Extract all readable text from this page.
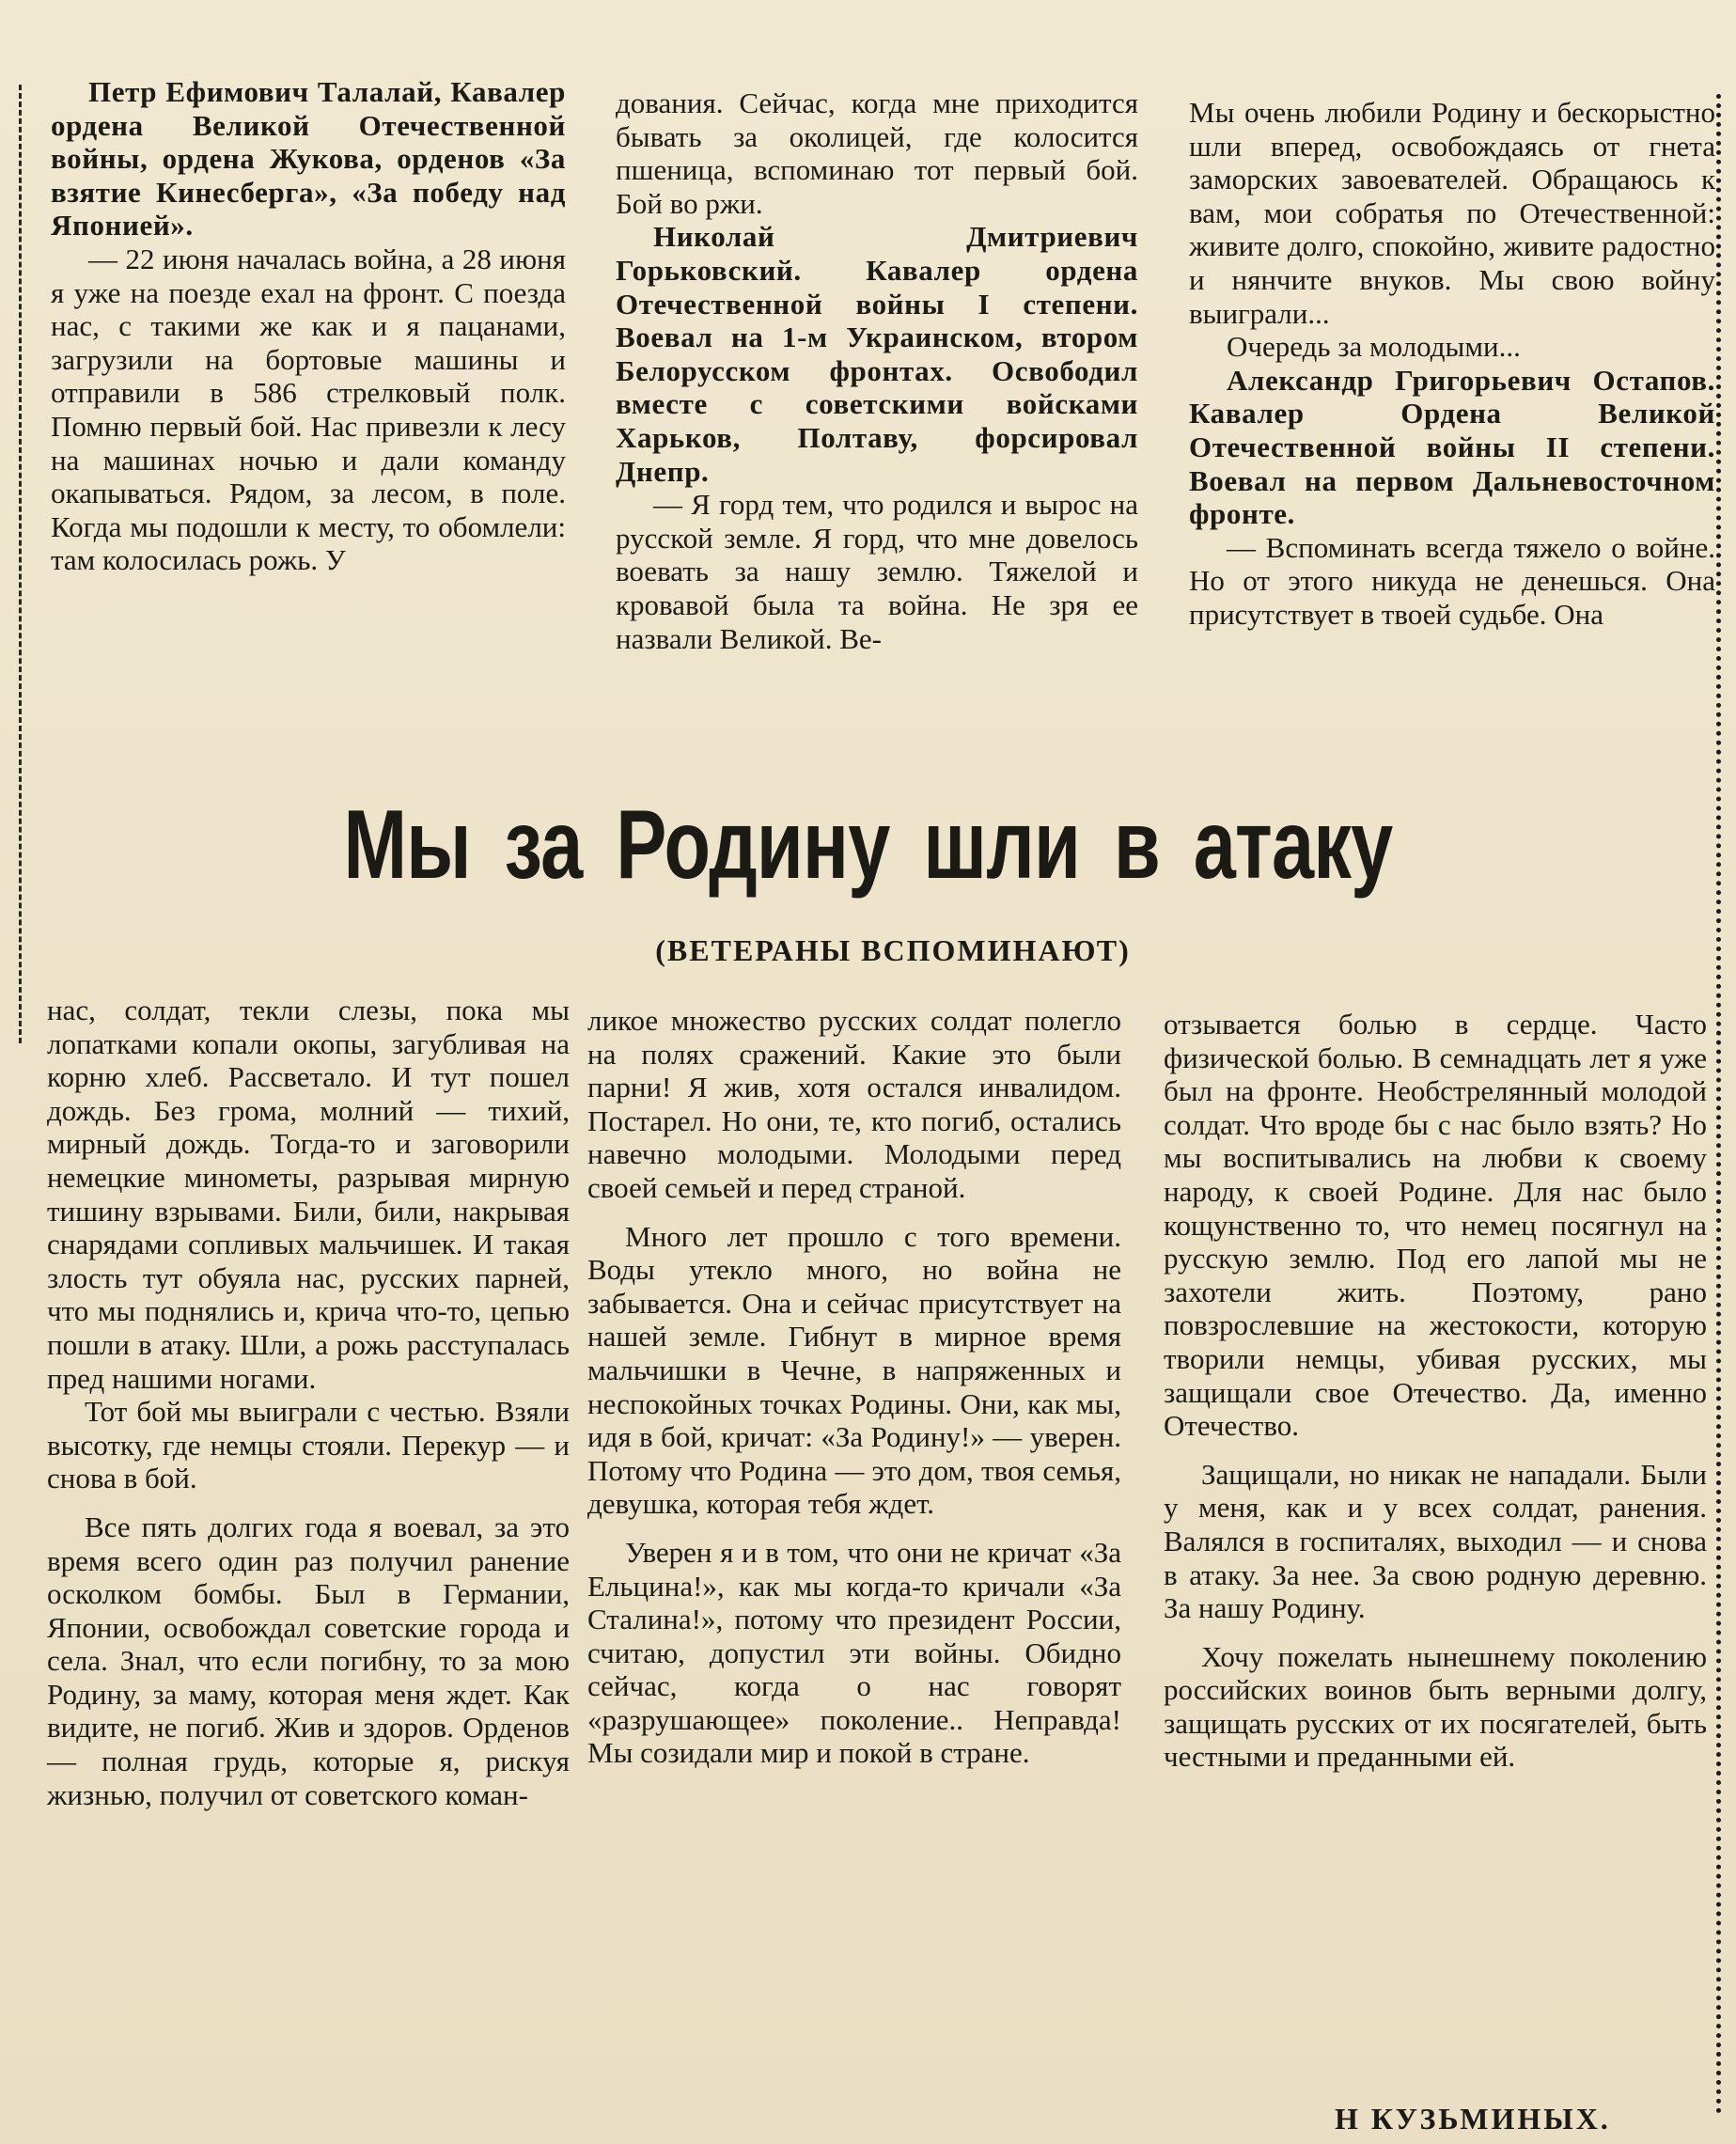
Петр Ефимович Талалай, Кавалер ордена Великой Отечественной войны, ордена Жукова, орденов «За взятие Кинесберга», «За победу над Японией».

— 22 июня началась война, а 28 июня я уже на поезде ехал на фронт. С поезда нас, с такими же как и я пацанами, загрузили на бортовые машины и отправили в 586 стрелковый полк. Помню первый бой. Нас привезли к лесу на машинах ночью и дали команду окапываться. Рядом, за лесом, в поле. Когда мы подошли к месту, то обомлели: там колосилась рожь. У

дования. Сейчас, когда мне приходится бывать за околицей, где колосится пшеница, вспоминаю тот первый бой. Бой во ржи.

Николай Дмитриевич Горьковский. Кавалер ордена Отечественной войны I степени. Воевал на 1-м Украинском, втором Белорусском фронтах. Освободил вместе с советскими войсками Харьков, Полтаву, форсировал Днепр.

— Я горд тем, что родился и вырос на русской земле. Я горд, что мне довелось воевать за нашу землю. Тяжелой и кровавой была та война. Не зря ее назвали Великой. Ве-

Мы очень любили Родину и бескорыстно шли вперед, освобождаясь от гнета заморских завоевателей. Обращаюсь к вам, мои собратья по Отечественной: живите долго, спокойно, живите радостно и нянчите внуков. Мы свою войну выиграли...

Очередь за молодыми...

Александр Григорьевич Остапов. Кавалер Ордена Великой Отечественной войны II степени. Воевал на первом Дальневосточном фронте.

— Вспоминать всегда тяжело о войне. Но от этого никуда не денешься. Она присутствует в твоей судьбе. Она

Мы за Родину шли в атаку
(ВЕТЕРАНЫ ВСПОМИНАЮТ)

нас, солдат, текли слезы, пока мы лопатками копали окопы, загубливая на корню хлеб. Рассветало. И тут пошел дождь. Без грома, молний — тихий, мирный дождь. Тогда-то и заговорили немецкие минометы, разрывая мирную тишину взрывами. Били, били, накрывая снарядами сопливых мальчишек. И такая злость тут обуяла нас, русских парней, что мы поднялись и, крича что-то, цепью пошли в атаку. Шли, а рожь расступалась пред нашими ногами.

Тот бой мы выиграли с честью. Взяли высотку, где немцы стояли. Перекур — и снова в бой.

Все пять долгих года я воевал, за это время всего один раз получил ранение осколком бомбы. Был в Германии, Японии, освобождал советские города и села. Знал, что если погибну, то за мою Родину, за маму, которая меня ждет. Как видите, не погиб. Жив и здоров. Орденов — полная грудь, которые я, рискуя жизнью, получил от советского коман-

ликое множество русских солдат полегло на полях сражений. Какие это были парни! Я жив, хотя остался инвалидом. Постарел. Но они, те, кто погиб, остались навечно молодыми. Молодыми перед своей семьей и перед страной.

Много лет прошло с того времени. Воды утекло много, но война не забывается. Она и сейчас присутствует на нашей земле. Гибнут в мирное время мальчишки в Чечне, в напряженных и неспокойных точках Родины. Они, как мы, идя в бой, кричат: «За Родину!» — уверен. Потому что Родина — это дом, твоя семья, девушка, которая тебя ждет.

Уверен я и в том, что они не кричат «За Ельцина!», как мы когда-то кричали «За Сталина!», потому что президент России, считаю, допустил эти войны. Обидно сейчас, когда о нас говорят «разрушающее» поколение.. Неправда! Мы созидали мир и покой в стране.

отзывается болью в сердце. Часто физической болью. В семнадцать лет я уже был на фронте. Необстрелянный молодой солдат. Что вроде бы с нас было взять? Но мы воспитывались на любви к своему народу, к своей Родине. Для нас было кощунственно то, что немец посягнул на русскую землю. Под его лапой мы не захотели жить. Поэтому, рано повзрослевшие на жестокости, которую творили немцы, убивая русских, мы защищали свое Отечество. Да, именно Отечество.

Защищали, но никак не нападали. Были у меня, как и у всех солдат, ранения. Валялся в госпиталях, выходил — и снова в атаку. За нее. За свою родную деревню. За нашу Родину.

Хочу пожелать нынешнему поколению российских воинов быть верными долгу, защищать русских от их посягателей, быть честными и преданными ей.

Н КУЗЬМИНЫХ.
